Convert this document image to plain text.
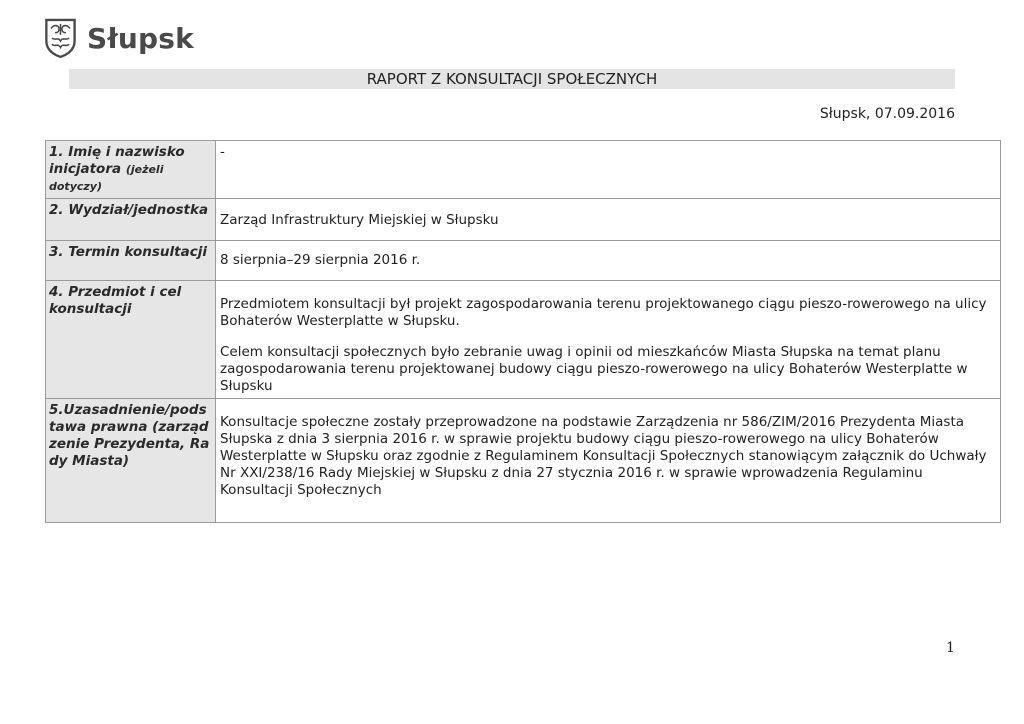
Słupsk
RAPORT Z KONSULTACJI SPOŁECZNYCH
Słupsk, 07.09.2016
1. Imię i nazwisko inicjatora (jeżeli dotyczy)	-
2. Wydział/jednostka	Zarząd Infrastruktury Miejskiej w Słupsku
3. Termin konsultacji	8 sierpnia–29 sierpnia 2016 r.
4. Przedmiot i cel konsultacji	Przedmiotem konsultacji był projekt zagospodarowania terenu projektowanego ciągu pieszo-rowerowego na ulicy Bohaterów Westerplatte w Słupsku.
Celem konsultacji społecznych było zebranie uwag i opinii od mieszkańców Miasta Słupska na temat planu zagospodarowania terenu projektowanej budowy ciągu pieszo-rowerowego na ulicy Bohaterów Westerplatte w Słupsku

5.Uzasadnienie/podstawa prawna (zarządzenie Prezydenta, Rady Miasta)	Konsultacje społeczne zostały przeprowadzone na podstawie Zarządzenia nr 586/ZIM/2016 Prezydenta Miasta Słupska z dnia 3 sierpnia 2016 r. w sprawie projektu budowy ciągu pieszo-rowerowego na ulicy Bohaterów Westerplatte w Słupsku oraz zgodnie z Regulaminem Konsultacji Społecznych stanowiącym załącznik do Uchwały Nr XXI/238/16 Rady Miejskiej w Słupsku z dnia 27 stycznia 2016 r. w sprawie wprowadzenia Regulaminu Konsultacji Społecznych
1
